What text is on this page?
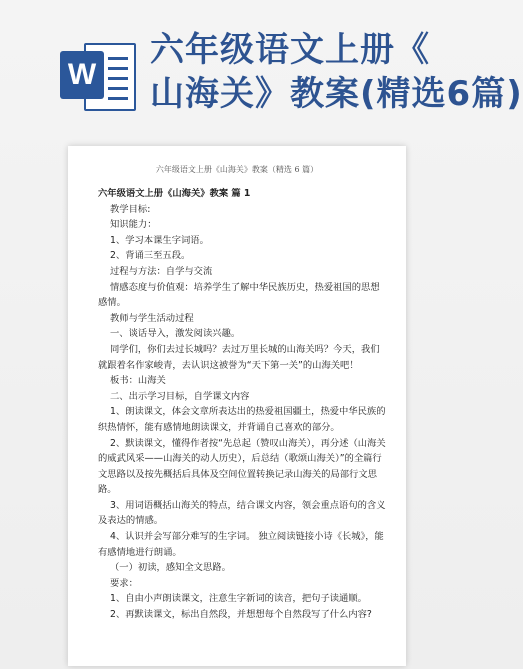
W
六年级语文上册《
山海关》教案(精选6篇)
六年级语文上册《山海关》教案（精选 6 篇）

六年级语文上册《山海关》教案 篇 1

教学目标:

知识能力：

1、学习本课生字词语。

2、背诵三至五段。

过程与方法：自学与交流

情感态度与价值观：培养学生了解中华民族历史，热爱祖国的思想感情。

教师与学生活动过程

一、谈话导入，激发阅读兴趣。

同学们，你们去过长城吗？去过万里长城的山海关吗？今天，我们就跟着名作家峻青，去认识这被誉为“天下第一关”的山海关吧！

板书：山海关

二、出示学习目标，自学课文内容

1、朗读课文，体会文章所表达出的热爱祖国疆土，热爱中华民族的织热情怀，能有感情地朗读课文，并背诵自己喜欢的部分。

2、默读课文，懂得作者按“先总起（赞叹山海关），再分述（山海关的威武风采——山海关的动人历史），后总结（歌颂山海关）”的全篇行文思路以及按先概括后具体及空间位置转换记录山海关的局部行文思路。

3、用词语概括山海关的特点，结合课文内容，领会重点语句的含义及表达的情感。

4、认识并会写部分难写的生字词。 独立阅读链接小诗《长城》，能有感情地进行朗诵。

（一）初读，感知全文思路。

要求：

1、自由小声朗读课文，注意生字新词的读音，把句子读通顺。

2、再默读课文，标出自然段，并想想每个自然段写了什么内容?
